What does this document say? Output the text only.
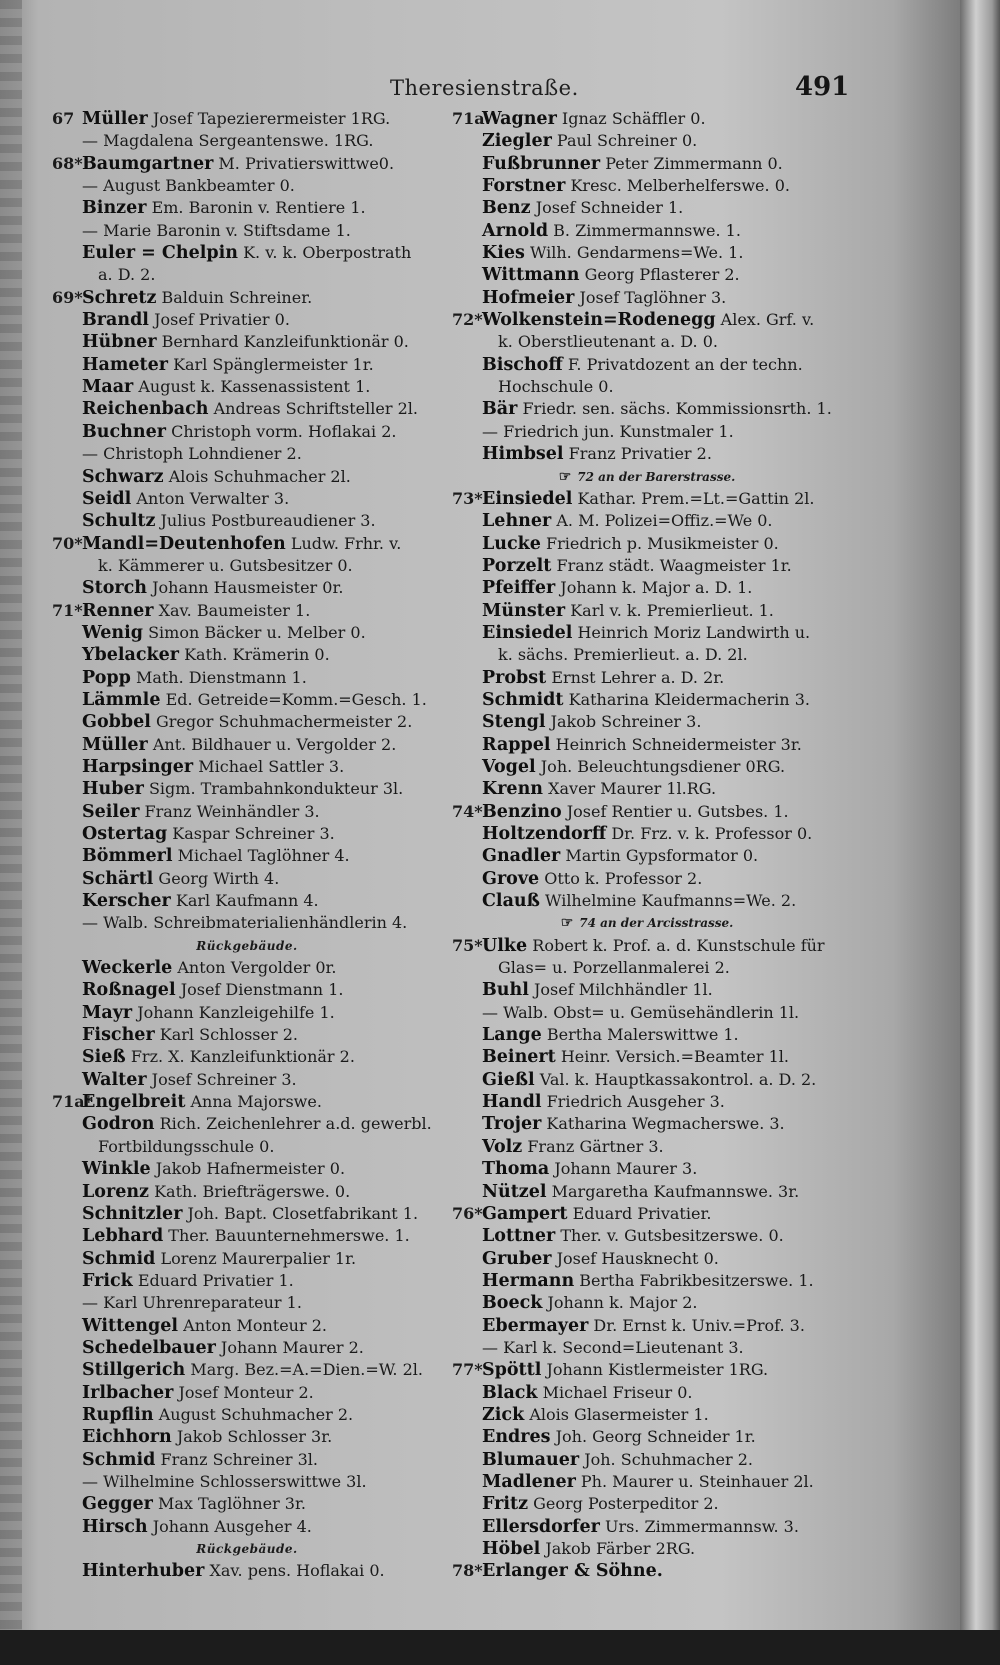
Theresienstraße.	491
67 Müller Josef Tapezierermeister 1RG.
— Magdalena Sergeantenswe. 1RG.
68*Baumgartner M. Privatierswittwe0.
— August Bankbeamter 0.
Binzer Em. Baronin v. Rentiere 1.
— Marie Baronin v. Stiftsdame 1.
Euler = Chelpin K. v. k. Oberpostrath
a. D. 2.
69*Schretz Balduin Schreiner.
Brandl Josef Privatier 0.
Hübner Bernhard Kanzleifunktionär 0.
Hameter Karl Spänglermeister 1r.
Maar August k. Kassenassistent 1.
Reichenbach Andreas Schriftsteller 2l.
Buchner Christoph vorm. Hoflakai 2.
— Christoph Lohndiener 2.
Schwarz Alois Schuhmacher 2l.
Seidl Anton Verwalter 3.
Schultz Julius Postbureaudiener 3.
70*Mandl=Deutenhofen Ludw. Frhr. v.
k. Kämmerer u. Gutsbesitzer 0.
Storch Johann Hausmeister 0r.
71*Renner Xav. Baumeister 1.
Wenig Simon Bäcker u. Melber 0.
Ybelacker Kath. Krämerin 0.
Popp Math. Dienstmann 1.
Lämmle Ed. Getreide=Komm.=Gesch. 1.
Gobbel Gregor Schuhmachermeister 2.
Müller Ant. Bildhauer u. Vergolder 2.
Harpsinger Michael Sattler 3.
Huber Sigm. Trambahnkondukteur 3l.
Seiler Franz Weinhändler 3.
Ostertag Kaspar Schreiner 3.
Bömmerl Michael Taglöhner 4.
Schärtl Georg Wirth 4.
Kerscher Karl Kaufmann 4.
— Walb. Schreibmaterialienhändlerin 4.
Rückgebäude.
Weckerle Anton Vergolder 0r.
Roßnagel Josef Dienstmann 1.
Mayr Johann Kanzleigehilfe 1.
Fischer Karl Schlosser 2.
Sieß Frz. X. Kanzleifunktionär 2.
Walter Josef Schreiner 3.
71a*Engelbreit Anna Majorswe.
Godron Rich. Zeichenlehrer a.d. gewerbl.
Fortbildungsschule 0.
Winkle Jakob Hafnermeister 0.
Lorenz Kath. Briefträgerswe. 0.
Schnitzler Joh. Bapt. Closetfabrikant 1.
Lebhard Ther. Bauunternehmerswe. 1.
Schmid Lorenz Maurerpalier 1r.
Frick Eduard Privatier 1.
— Karl Uhrenreparateur 1.
Wittengel Anton Monteur 2.
Schedelbauer Johann Maurer 2.
Stillgerich Marg. Bez.=A.=Dien.=W. 2l.
Irlbacher Josef Monteur 2.
Rupflin August Schuhmacher 2.
Eichhorn Jakob Schlosser 3r.
Schmid Franz Schreiner 3l.
— Wilhelmine Schlosserswittwe 3l.
Gegger Max Taglöhner 3r.
Hirsch Johann Ausgeher 4.
Rückgebäude.
Hinterhuber Xav. pens. Hoflakai 0.
71aWagner Ignaz Schäffler 0.
Ziegler Paul Schreiner 0.
Fußbrunner Peter Zimmermann 0.
Forstner Kresc. Melberhelferswe. 0.
Benz Josef Schneider 1.
Arnold B. Zimmermannswe. 1.
Kies Wilh. Gendarmens=We. 1.
Wittmann Georg Pflasterer 2.
Hofmeier Josef Taglöhner 3.
72*Wolkenstein=Rodenegg Alex. Grf. v.
k. Oberstlieutenant a. D. 0.
Bischoff F. Privatdozent an der techn.
Hochschule 0.
Bär Friedr. sen. sächs. Kommissionsrth. 1.
— Friedrich jun. Kunstmaler 1.
Himbsel Franz Privatier 2.
☞ 72 an der Barerstrasse.
73*Einsiedel Kathar. Prem.=Lt.=Gattin 2l.
Lehner A. M. Polizei=Offiz.=We 0.
Lucke Friedrich p. Musikmeister 0.
Porzelt Franz städt. Waagmeister 1r.
Pfeiffer Johann k. Major a. D. 1.
Münster Karl v. k. Premierlieut. 1.
Einsiedel Heinrich Moriz Landwirth u.
k. sächs. Premierlieut. a. D. 2l.
Probst Ernst Lehrer a. D. 2r.
Schmidt Katharina Kleidermacherin 3.
Stengl Jakob Schreiner 3.
Rappel Heinrich Schneidermeister 3r.
Vogel Joh. Beleuchtungsdiener 0RG.
Krenn Xaver Maurer 1l.RG.
74*Benzino Josef Rentier u. Gutsbes. 1.
Holtzendorff Dr. Frz. v. k. Professor 0.
Gnadler Martin Gypsformator 0.
Grove Otto k. Professor 2.
Clauß Wilhelmine Kaufmanns=We. 2.
☞ 74 an der Arcisstrasse.
75*Ulke Robert k. Prof. a. d. Kunstschule für
Glas= u. Porzellanmalerei 2.
Buhl Josef Milchhändler 1l.
— Walb. Obst= u. Gemüsehändlerin 1l.
Lange Bertha Malerswittwe 1.
Beinert Heinr. Versich.=Beamter 1l.
Gießl Val. k. Hauptkassakontrol. a. D. 2.
Handl Friedrich Ausgeher 3.
Trojer Katharina Wegmacherswe. 3.
Volz Franz Gärtner 3.
Thoma Johann Maurer 3.
Nützel Margaretha Kaufmannswe. 3r.
76*Gampert Eduard Privatier.
Lottner Ther. v. Gutsbesitzerswe. 0.
Gruber Josef Hausknecht 0.
Hermann Bertha Fabrikbesitzerswe. 1.
Boeck Johann k. Major 2.
Ebermayer Dr. Ernst k. Univ.=Prof. 3.
— Karl k. Second=Lieutenant 3.
77*Spöttl Johann Kistlermeister 1RG.
Black Michael Friseur 0.
Zick Alois Glasermeister 1.
Endres Joh. Georg Schneider 1r.
Blumauer Joh. Schuhmacher 2.
Madlener Ph. Maurer u. Steinhauer 2l.
Fritz Georg Posterpeditor 2.
Ellersdorfer Urs. Zimmermannsw. 3.
Höbel Jakob Färber 2RG.
78*Erlanger & Söhne.
